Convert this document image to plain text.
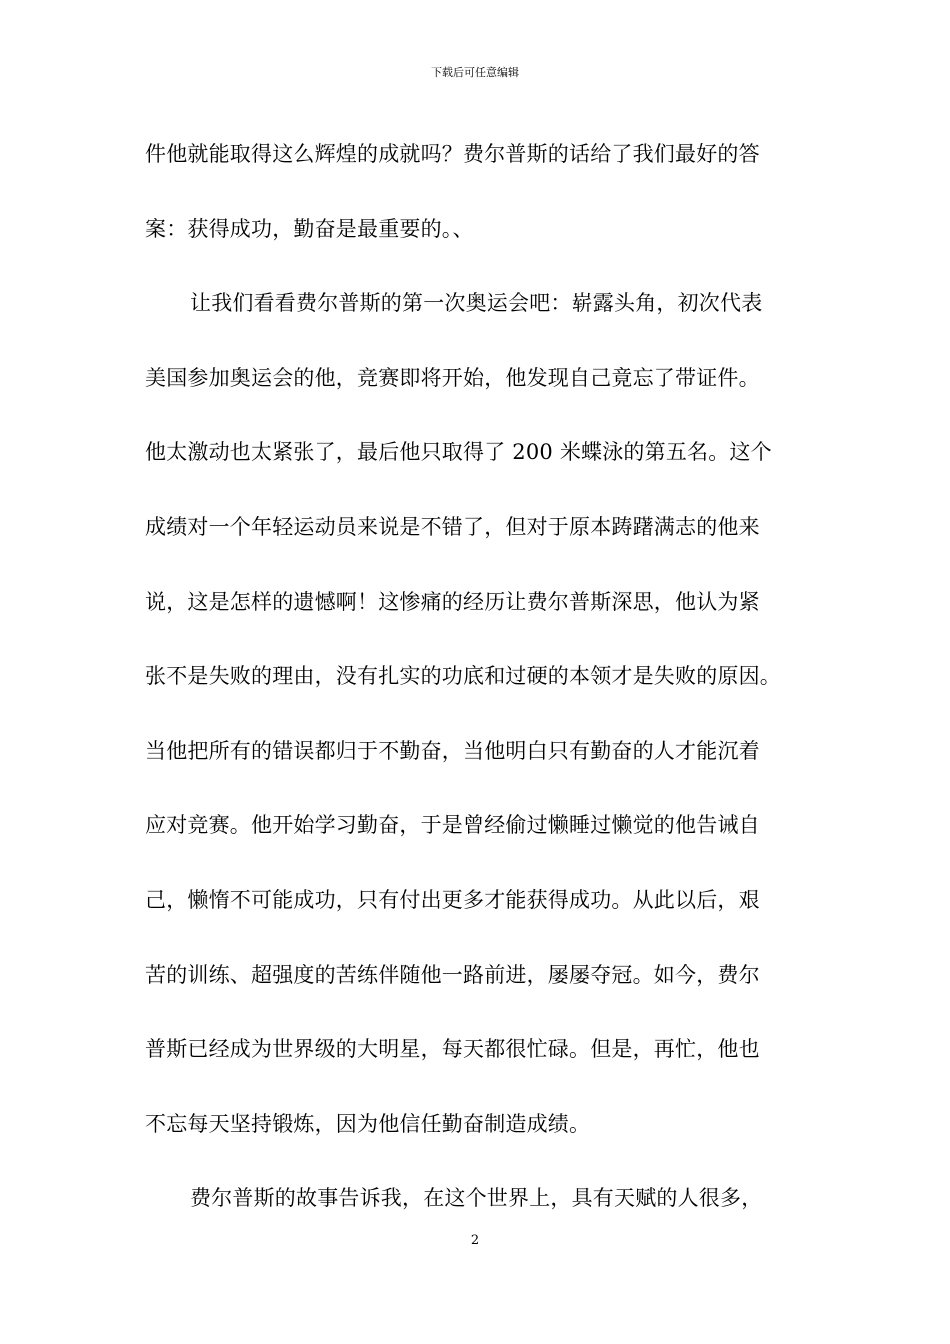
下载后可任意编辑
件他就能取得这么辉煌的成就吗？费尔普斯的话给了我们最好的答
案：获得成功，勤奋是最重要的。、
让我们看看费尔普斯的第一次奥运会吧：崭露头角，初次代表
美国参加奥运会的他，竞赛即将开始，他发现自己竟忘了带证件。
他太激动也太紧张了，最后他只取得了 200 米蝶泳的第五名。这个
成绩对一个年轻运动员来说是不错了，但对于原本踌躇满志的他来
说，这是怎样的遗憾啊！这惨痛的经历让费尔普斯深思，他认为紧
张不是失败的理由，没有扎实的功底和过硬的本领才是失败的原因。
当他把所有的错误都归于不勤奋，当他明白只有勤奋的人才能沉着
应对竞赛。他开始学习勤奋，于是曾经偷过懒睡过懒觉的他告诫自
己，懒惰不可能成功，只有付出更多才能获得成功。从此以后，艰
苦的训练、超强度的苦练伴随他一路前进，屡屡夺冠。如今，费尔
普斯已经成为世界级的大明星，每天都很忙碌。但是，再忙，他也
不忘每天坚持锻炼，因为他信任勤奋制造成绩。
费尔普斯的故事告诉我，在这个世界上，具有天赋的人很多，
2
